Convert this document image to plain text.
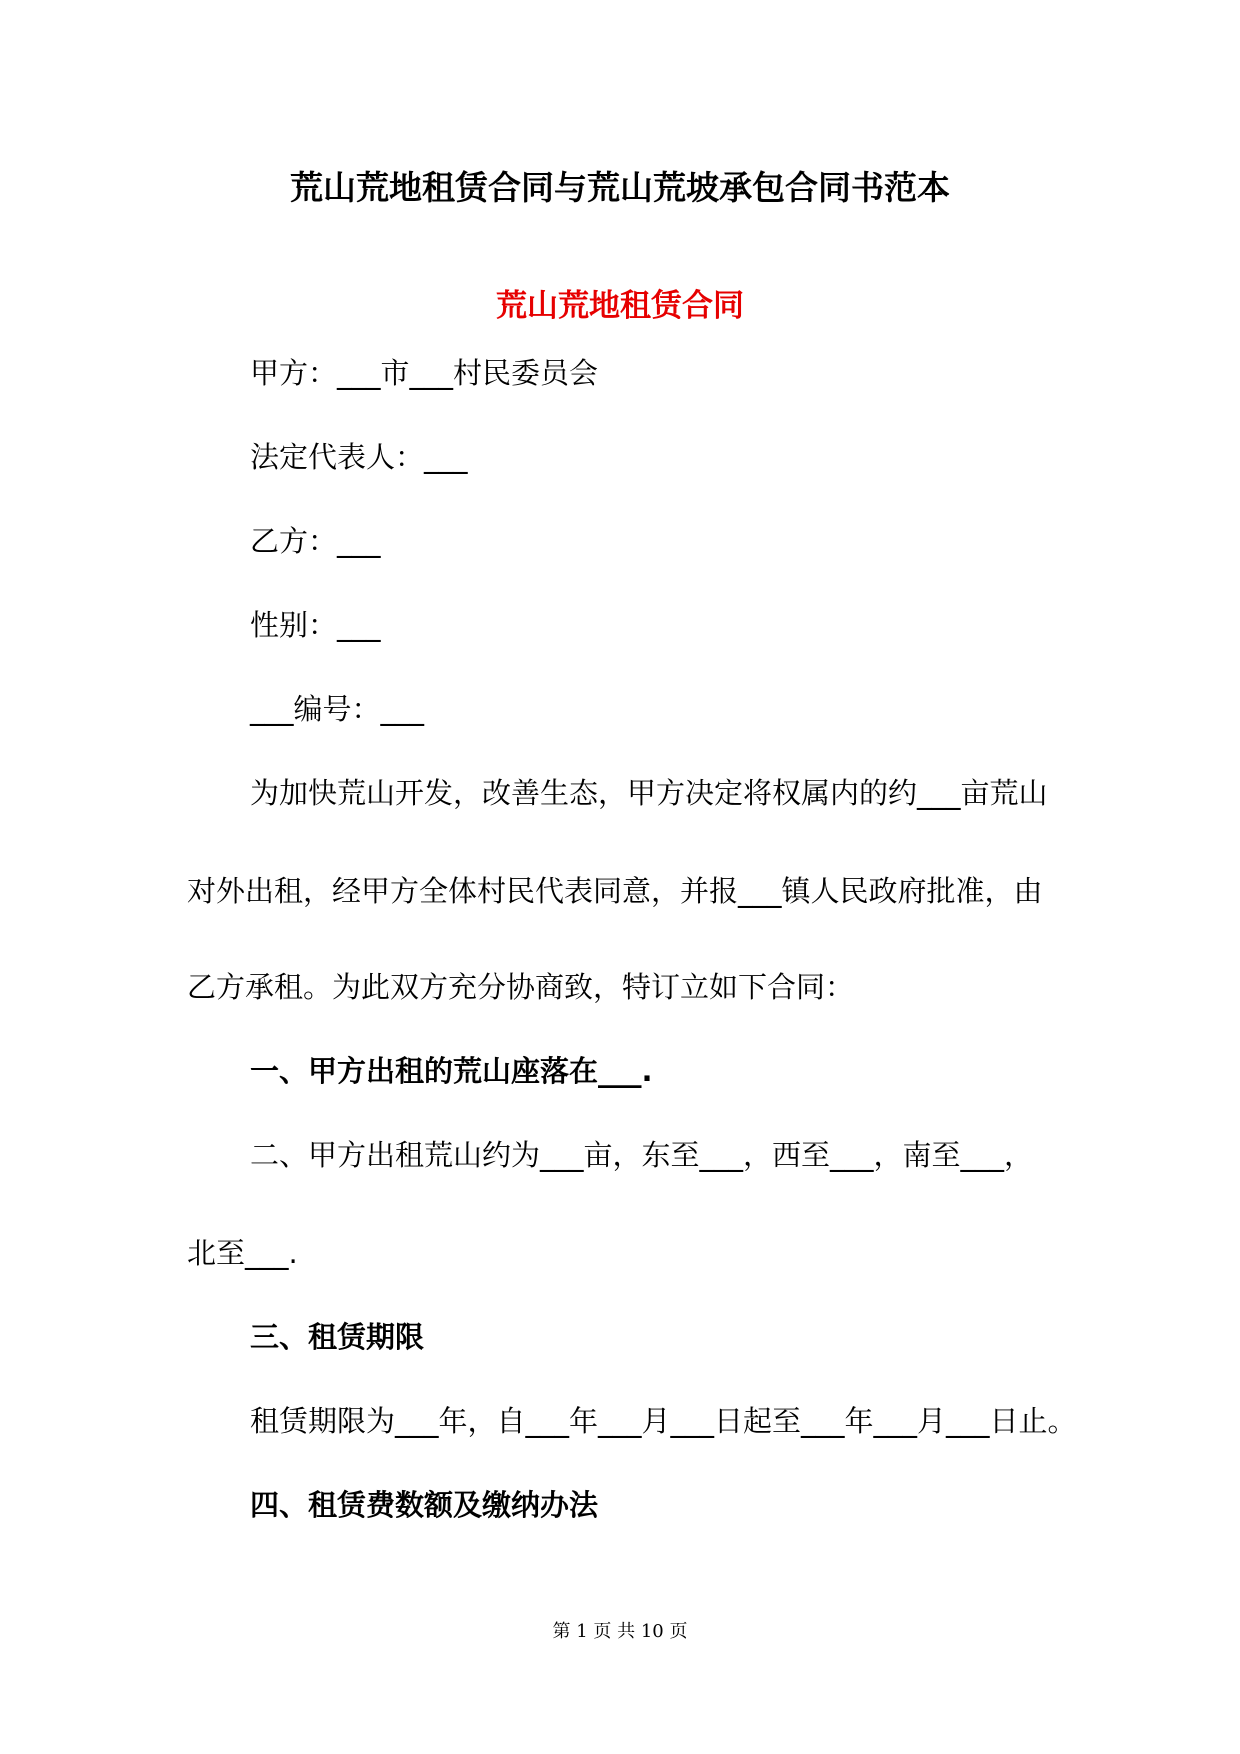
荒山荒地租赁合同与荒山荒坡承包合同书范本
荒山荒地租赁合同

甲方：___市___村民委员会

法定代表人：___

乙方：___

性别：___

___编号：___

为加快荒山开发，改善生态，甲方决定将权属内的约___亩荒山

对外出租，经甲方全体村民代表同意，并报___镇人民政府批准，由

乙方承租。为此双方充分协商致，特订立如下合同：

一、甲方出租的荒山座落在___.

二、甲方出租荒山约为___亩，东至___，西至___，南至___，

北至___.

三、租赁期限

租赁期限为___年，自___年___月___日起至___年___月___日止。

四、租赁费数额及缴纳办法

第 1 页 共 10 页
